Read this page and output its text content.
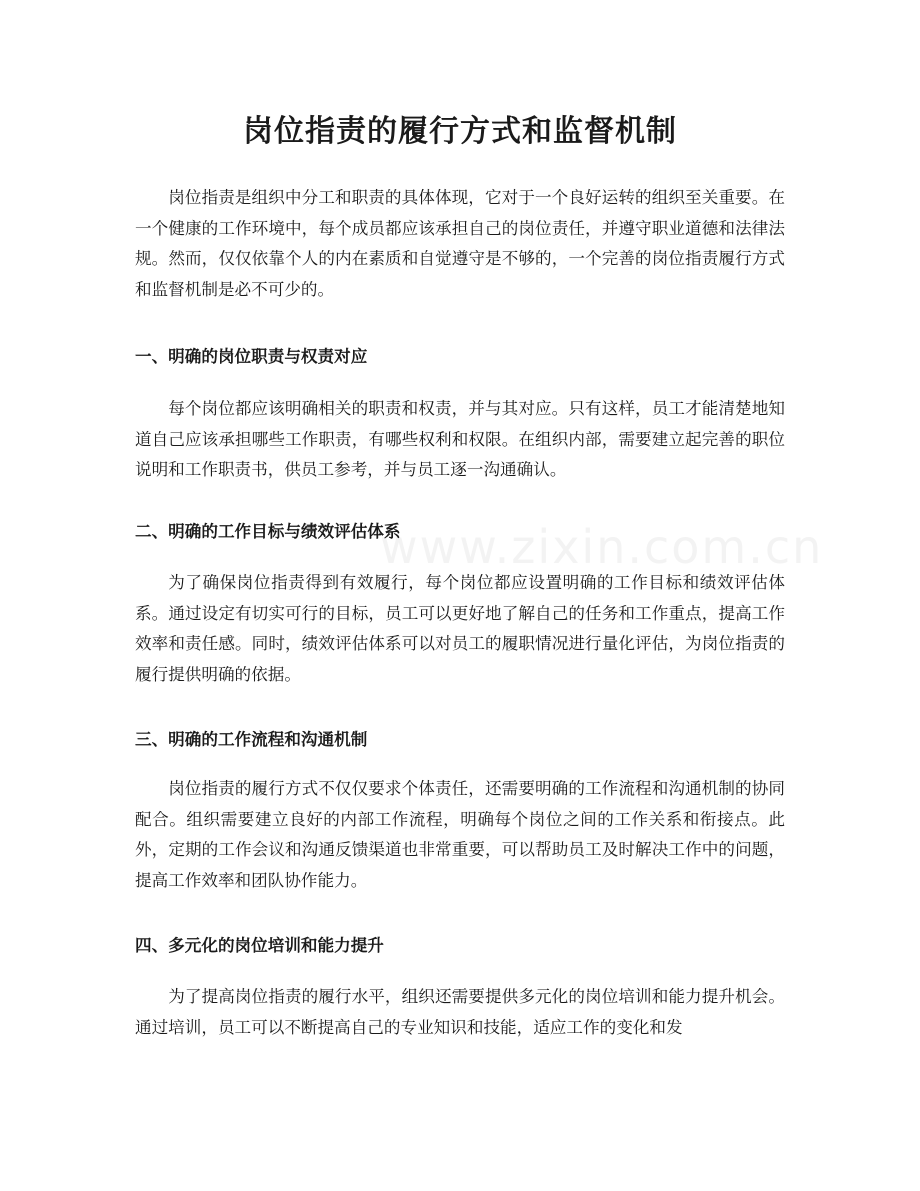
www.zixin.com.cn
岗位指责的履行方式和监督机制

岗位指责是组织中分工和职责的具体体现，它对于一个良好运转的组织至关重要。在一个健康的工作环境中，每个成员都应该承担自己的岗位责任，并遵守职业道德和法律法规。然而，仅仅依靠个人的内在素质和自觉遵守是不够的，一个完善的岗位指责履行方式和监督机制是必不可少的。

一、明确的岗位职责与权责对应

每个岗位都应该明确相关的职责和权责，并与其对应。只有这样，员工才能清楚地知道自己应该承担哪些工作职责，有哪些权利和权限。在组织内部，需要建立起完善的职位说明和工作职责书，供员工参考，并与员工逐一沟通确认。

二、明确的工作目标与绩效评估体系

为了确保岗位指责得到有效履行，每个岗位都应设置明确的工作目标和绩效评估体系。通过设定有切实可行的目标，员工可以更好地了解自己的任务和工作重点，提高工作效率和责任感。同时，绩效评估体系可以对员工的履职情况进行量化评估，为岗位指责的履行提供明确的依据。

三、明确的工作流程和沟通机制

岗位指责的履行方式不仅仅要求个体责任，还需要明确的工作流程和沟通机制的协同配合。组织需要建立良好的内部工作流程，明确每个岗位之间的工作关系和衔接点。此外，定期的工作会议和沟通反馈渠道也非常重要，可以帮助员工及时解决工作中的问题，提高工作效率和团队协作能力。

四、多元化的岗位培训和能力提升

为了提高岗位指责的履行水平，组织还需要提供多元化的岗位培训和能力提升机会。通过培训，员工可以不断提高自己的专业知识和技能，适应工作的变化和发
